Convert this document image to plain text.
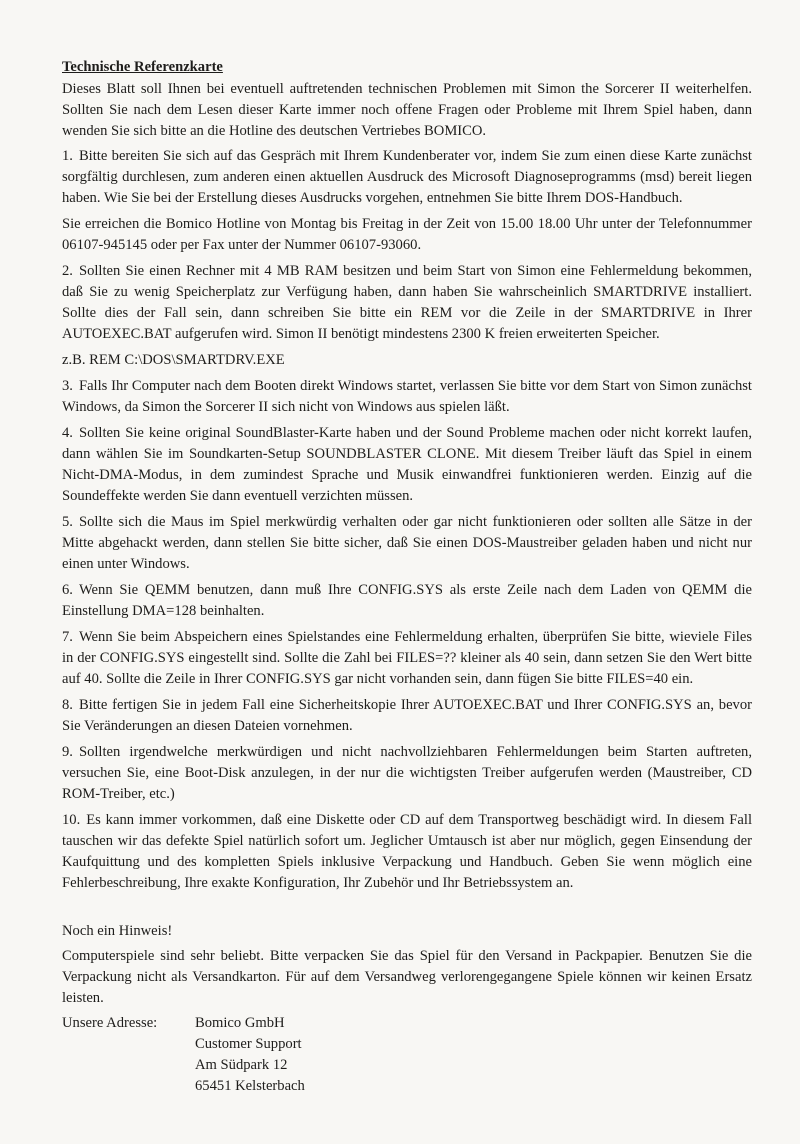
Technische Referenzkarte
Dieses Blatt soll Ihnen bei eventuell auftretenden technischen Problemen mit Simon the Sorcerer II weiterhelfen. Sollten Sie nach dem Lesen dieser Karte immer noch offene Fragen oder Probleme mit Ihrem Spiel haben, dann wenden Sie sich bitte an die Hotline des deutschen Vertriebes BOMICO.
1. Bitte bereiten Sie sich auf das Gespräch mit Ihrem Kundenberater vor, indem Sie zum einen diese Karte zunächst sorgfältig durchlesen, zum anderen einen aktuellen Ausdruck des Microsoft Diagnoseprogramms (msd) bereit liegen haben. Wie Sie bei der Erstellung dieses Ausdrucks vorgehen, entnehmen Sie bitte Ihrem DOS-Handbuch.
Sie erreichen die Bomico Hotline von Montag bis Freitag in der Zeit von 15.00 18.00 Uhr unter der Telefonnummer 06107-945145 oder per Fax unter der Nummer 06107-93060.
2. Sollten Sie einen Rechner mit 4 MB RAM besitzen und beim Start von Simon eine Fehlermeldung bekommen, daß Sie zu wenig Speicherplatz zur Verfügung haben, dann haben Sie wahrscheinlich SMARTDRIVE installiert. Sollte dies der Fall sein, dann schreiben Sie bitte ein REM vor die Zeile in der SMARTDRIVE in Ihrer AUTOEXEC.BAT aufgerufen wird. Simon II benötigt mindestens 2300 K freien erweiterten Speicher.
z.B. REM C:\DOS\SMARTDRV.EXE
3. Falls Ihr Computer nach dem Booten direkt Windows startet, verlassen Sie bitte vor dem Start von Simon zunächst Windows, da Simon the Sorcerer II sich nicht von Windows aus spielen läßt.
4. Sollten Sie keine original SoundBlaster-Karte haben und der Sound Probleme machen oder nicht korrekt laufen, dann wählen Sie im Soundkarten-Setup SOUNDBLASTER CLONE. Mit diesem Treiber läuft das Spiel in einem Nicht-DMA-Modus, in dem zumindest Sprache und Musik einwandfrei funktionieren werden. Einzig auf die Soundeffekte werden Sie dann eventuell verzichten müssen.
5. Sollte sich die Maus im Spiel merkwürdig verhalten oder gar nicht funktionieren oder sollten alle Sätze in der Mitte abgehackt werden, dann stellen Sie bitte sicher, daß Sie einen DOS-Maustreiber geladen haben und nicht nur einen unter Windows.
6. Wenn Sie QEMM benutzen, dann muß Ihre CONFIG.SYS als erste Zeile nach dem Laden von QEMM die Einstellung DMA=128 beinhalten.
7. Wenn Sie beim Abspeichern eines Spielstandes eine Fehlermeldung erhalten, überprüfen Sie bitte, wieviele Files in der CONFIG.SYS eingestellt sind. Sollte die Zahl bei FILES=?? kleiner als 40 sein, dann setzen Sie den Wert bitte auf 40. Sollte die Zeile in Ihrer CONFIG.SYS gar nicht vorhanden sein, dann fügen Sie bitte FILES=40 ein.
8. Bitte fertigen Sie in jedem Fall eine Sicherheitskopie Ihrer AUTOEXEC.BAT und Ihrer CONFIG.SYS an, bevor Sie Veränderungen an diesen Dateien vornehmen.
9. Sollten irgendwelche merkwürdigen und nicht nachvollziehbaren Fehlermeldungen beim Starten auftreten, versuchen Sie, eine Boot-Disk anzulegen, in der nur die wichtigsten Treiber aufgerufen werden (Maustreiber, CD ROM-Treiber, etc.)
10. Es kann immer vorkommen, daß eine Diskette oder CD auf dem Transportweg beschädigt wird. In diesem Fall tauschen wir das defekte Spiel natürlich sofort um. Jeglicher Umtausch ist aber nur möglich, gegen Einsendung der Kaufquittung und des kompletten Spiels inklusive Verpackung und Handbuch. Geben Sie wenn möglich eine Fehlerbeschreibung, Ihre exakte Konfiguration, Ihr Zubehör und Ihr Betriebssystem an.
Noch ein Hinweis!
Computerspiele sind sehr beliebt. Bitte verpacken Sie das Spiel für den Versand in Packpapier. Benutzen Sie die Verpackung nicht als Versandkarton. Für auf dem Versandweg verlorengegangene Spiele können wir keinen Ersatz leisten.
Unsere Adresse:	Bomico GmbH
Customer Support
Am Südpark 12
65451 Kelsterbach
